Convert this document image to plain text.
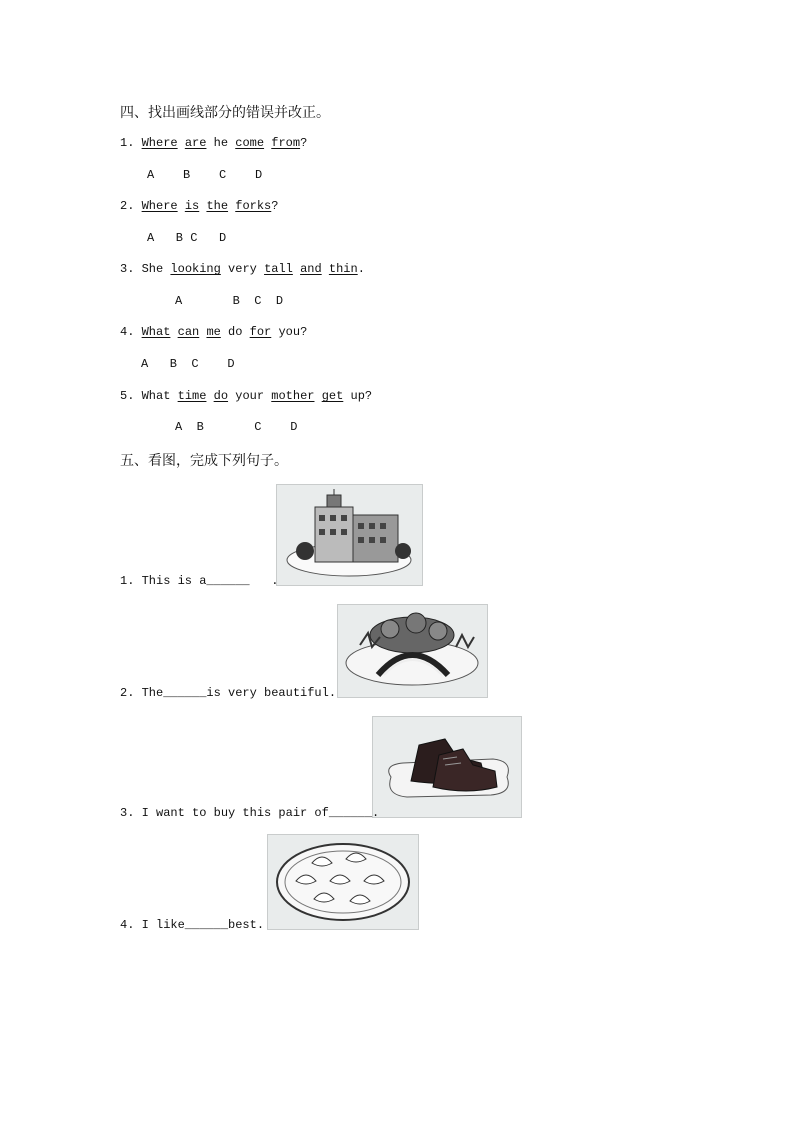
四、找出画线部分的错误并改正。
1. Where are he come from?
A    B    C    D
2. Where is the forks?
A   B C   D
3. She looking very tall and thin.
A       B  C  D
4. What can me do for you?
A   B  C    D
5. What time do your mother get up?
A  B       C    D
五、看图，完成下列句子。
1. This is a______   .
2. The______is very beautiful.
3. I want to buy this pair of______.
4. I like______best.
